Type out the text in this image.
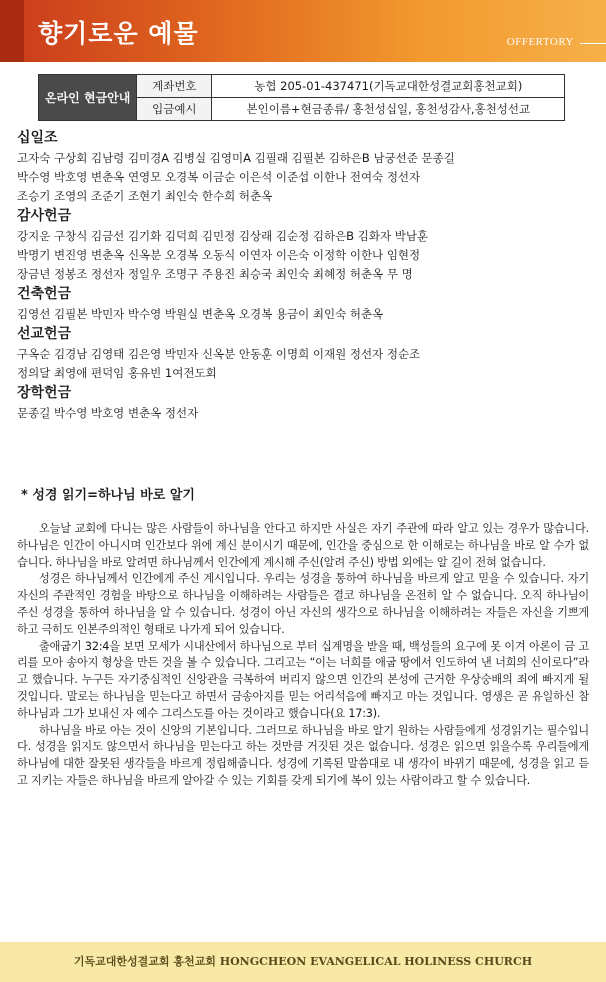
향기로운 예물	OFFERTORY
온라인 현금안내	계좌번호	농협 205-01-437471(기독교대한성결교회홍천교회)
	입금예시	본인이름+현금종류/ 홍천성십일, 홍천성감사,홍천성선교
십일조
고자숙 구상회 김남령 김미경A 김병실 김영미A 김필래 김필본 김하은B 남궁선준 문종길
박수영 박호영 변춘옥 연영모 오경복 이금순 이은석 이준섭 이한나 전여숙 정선자
조승기 조영의 조준기 조현기 최인숙 한수희 허춘옥
감사헌금
강지운 구창식 김금선 김기화 김덕희 김민정 김상래 김순정 김하은B 김화자 박남훈
박명기 변진영 변춘옥 신옥분 오경복 오동식 이연자 이은숙 이정학 이한나 임현정
장금년 정봉조 정선자 정일우 조명구 주용진 최승국 최인숙 최혜정 허춘옥 무 명
건축헌금
김영선 김필본 박민자 박수영 박원실 변춘옥 오경복 용금이 최인숙 허춘옥
선교헌금
구옥순 김경남 김영태 김은영 박민자 신옥분 안동훈 이명희 이재원 정선자 정순조
정의달 최영애 편덕임 홍유빈 1여전도회
장학헌금
문종길 박수영 박호영 변춘옥 정선자
* 성경 읽기=하나님 바로 알기

오늘날 교회에 다니는 많은 사람들이 하나님을 안다고 하지만 사실은 자기 주관에 따라 알고 있는 경우가 많습니다. 하나님은 인간이 아니시며 인간보다 위에 계신 분이시기 때문에, 인간을 중심으로 한 이해로는 하나님을 바로 알 수가 없습니다. 하나님을 바로 알려면 하나님께서 인간에게 계시해 주신(알려 주신) 방법 외에는 알 길이 전혀 없습니다.

성경은 하나님께서 인간에게 주신 계시입니다. 우리는 성경을 통하여 하나님을 바르게 알고 믿을 수 있습니다. 자기 자신의 주관적인 경험을 바탕으로 하나님을 이해하려는 사람들은 결코 하나님을 온전히 알 수 없습니다. 오직 하나님이 주신 성경을 통하여 하나님을 알 수 있습니다. 성경이 아닌 자신의 생각으로 하나님을 이해하려는 자들은 자신을 기쁘게 하고 극히도 인본주의적인 형태로 나가게 되어 있습니다.

출애굽기 32:4을 보면 모세가 시내산에서 하나님으로 부터 십계명을 받을 때, 백성들의 요구에 못 이겨 아론이 금 고리를 모아 송아지 형상을 만든 것을 볼 수 있습니다. 그리고는 “이는 너희를 애굽 땅에서 인도하여 낸 너희의 신이로다”라고 했습니다. 누구든 자기중심적인 신앙관을 극복하여 버리지 않으면 인간의 본성에 근거한 우상숭배의 죄에 빠지게 될 것입니다. 말로는 하나님을 믿는다고 하면서 금송아지를 믿는 어리석음에 빠지고 마는 것입니다. 영생은 곧 유일하신 참 하나님과 그가 보내신 자 예수 그리스도를 아는 것이라고 했습니다(요 17:3).

하나님을 바로 아는 것이 신앙의 기본입니다. 그러므로 하나님을 바로 알기 원하는 사람들에게 성경읽기는 필수입니다. 성경을 읽지도 않으면서 하나님을 믿는다고 하는 것만큼 거짓된 것은 없습니다. 성경은 읽으면 읽을수록 우리들에게 하나님에 대한 잘못된 생각들을 바르게 정립해줍니다. 성경에 기록된 말씀대로 내 생각이 바뀌기 때문에, 성경을 읽고 듣고 지키는 자들은 하나님을 바르게 알아갈 수 있는 기회를 갖게 되기에 복이 있는 사람이라고 할 수 있습니다.

기독교대한성결교회 홍천교회 HONGCHEON EVANGELICAL HOLINESS CHURCH
